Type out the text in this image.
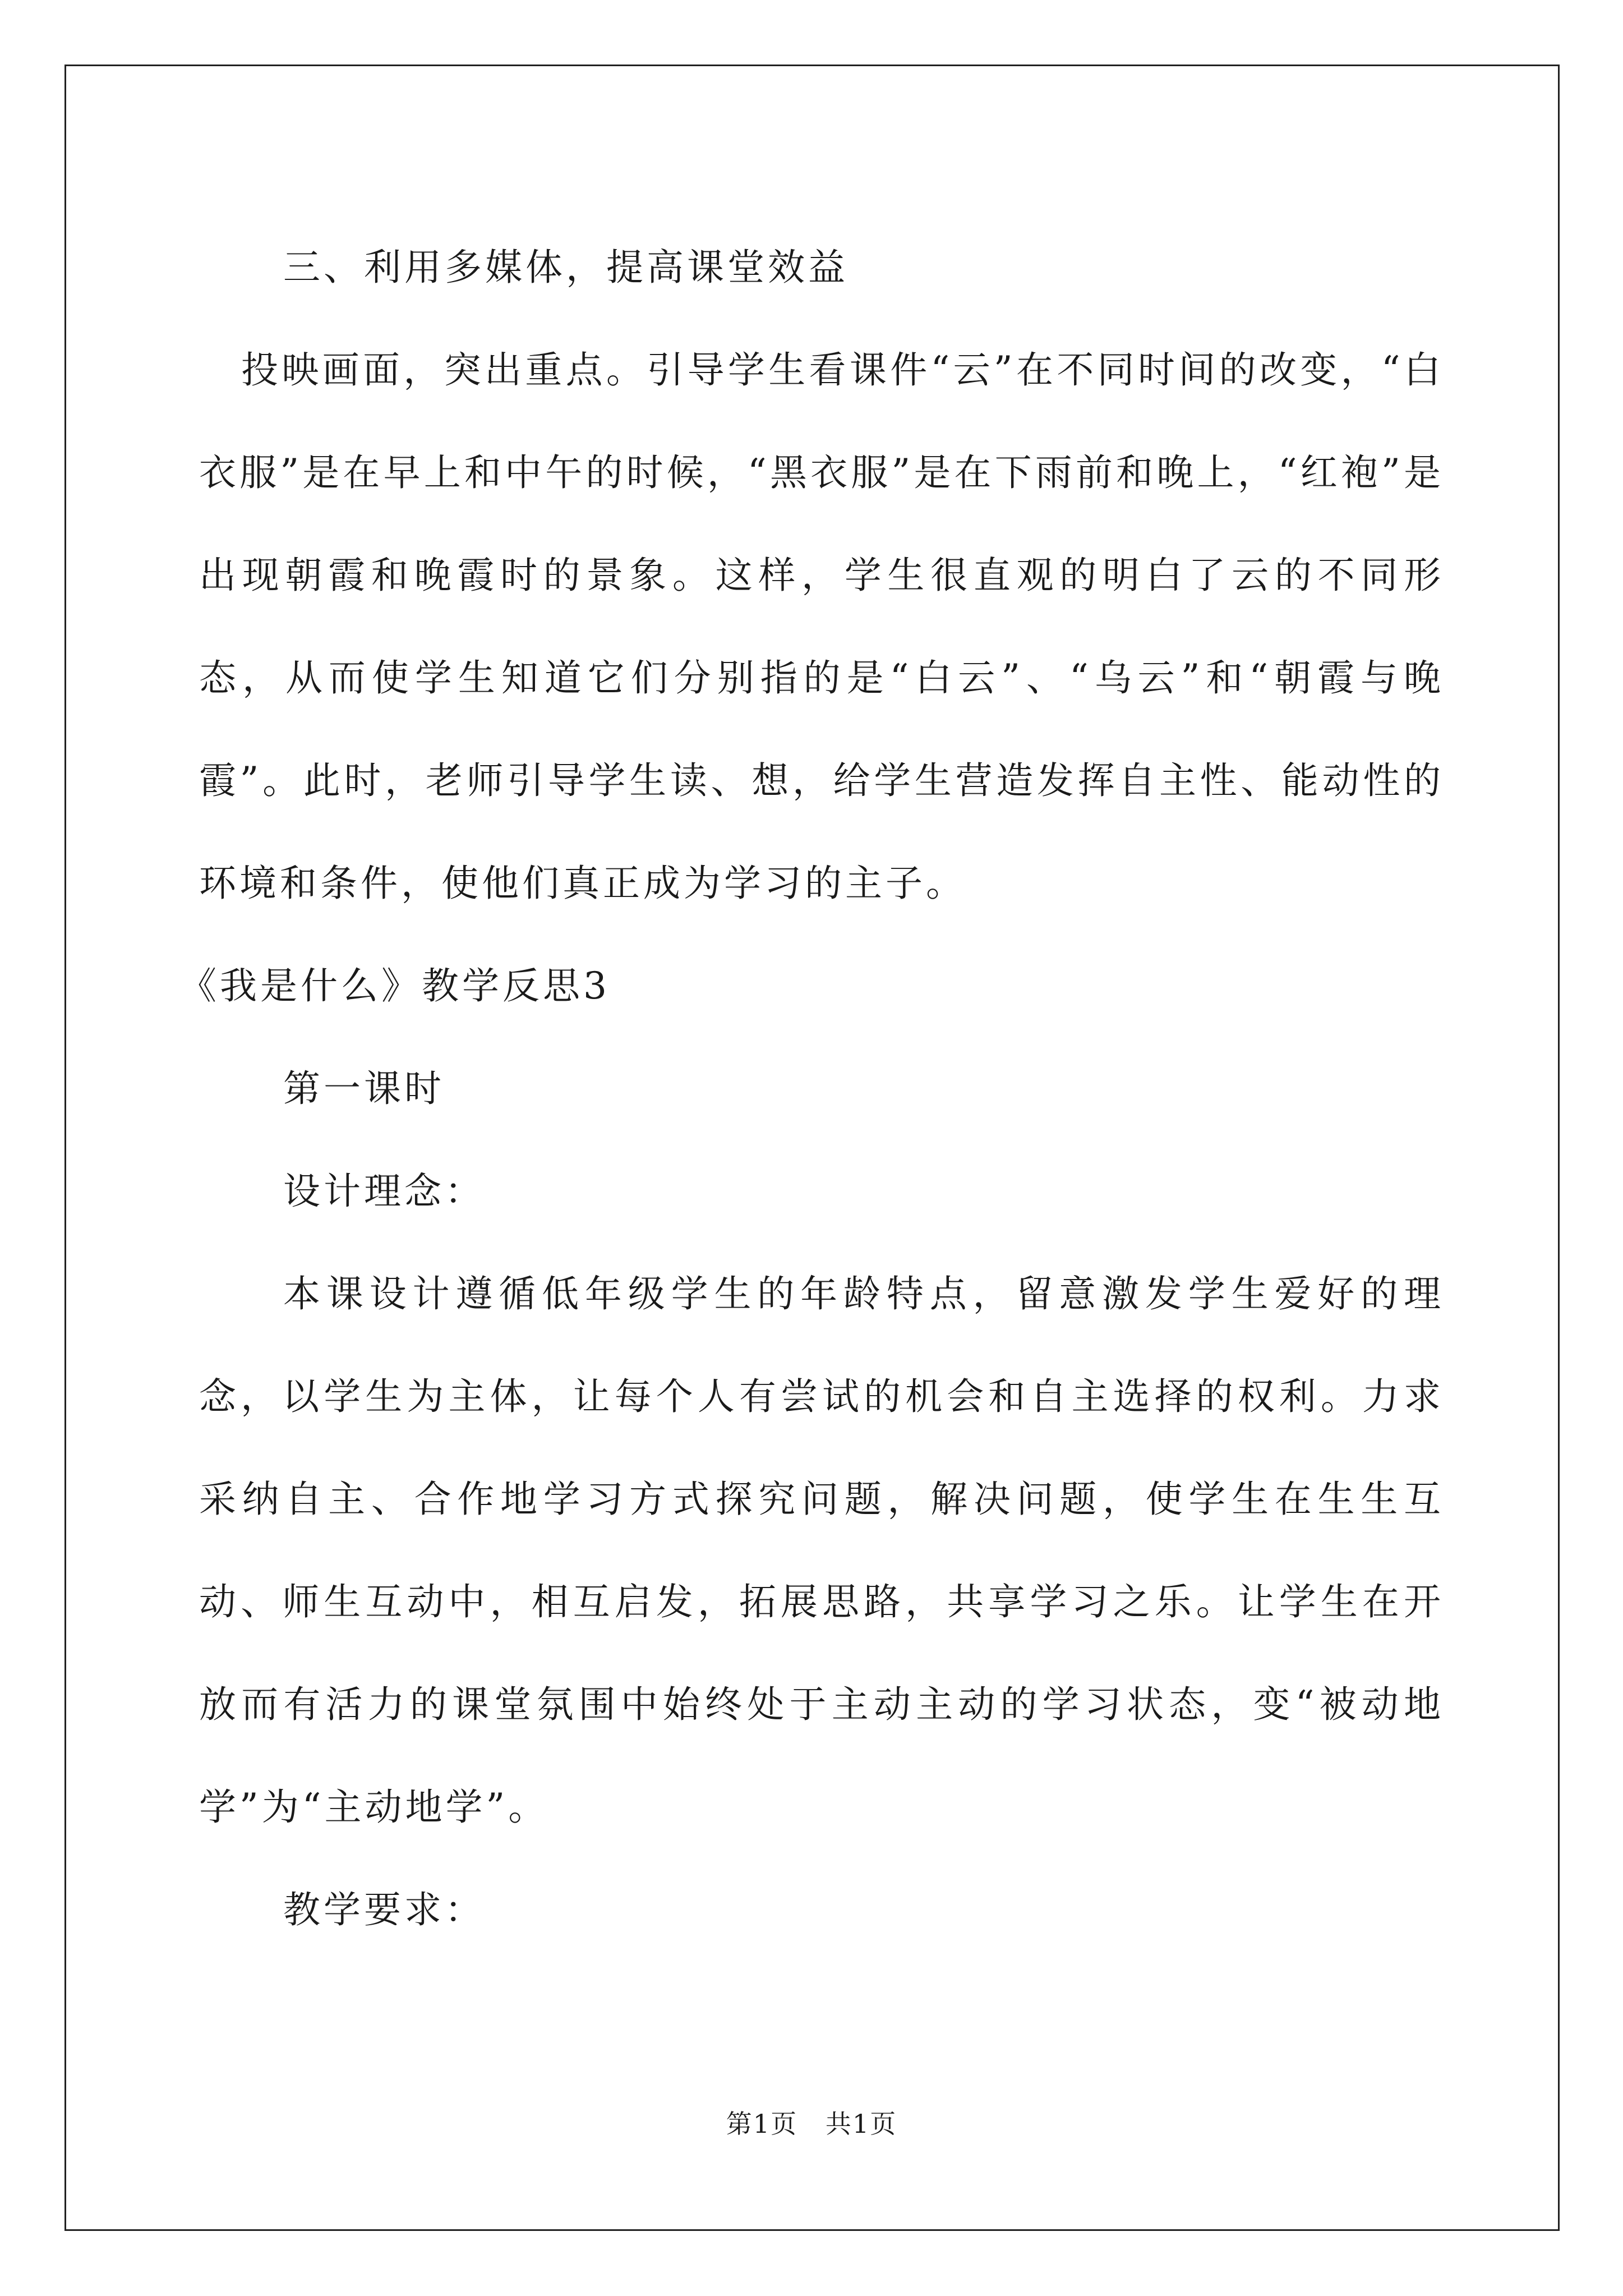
三、利用多媒体，提高课堂效益

投映画面，突出重点。引导学生看课件“云”在不同时间的改变，“白衣服”是在早上和中午的时候，“黑衣服”是在下雨前和晚上，“红袍”是出现朝霞和晚霞时的景象。这样，学生很直观的明白了云的不同形态，从而使学生知道它们分别指的是“白云”、“乌云”和“朝霞与晚霞”。此时，老师引导学生读、想，给学生营造发挥自主性、能动性的环境和条件，使他们真正成为学习的主子。

《我是什么》教学反思3

第一课时

设计理念：

本课设计遵循低年级学生的年龄特点，留意激发学生爱好的理念，以学生为主体，让每个人有尝试的机会和自主选择的权利。力求采纳自主、合作地学习方式探究问题，解决问题，使学生在生生互动、师生互动中，相互启发，拓展思路，共享学习之乐。让学生在开放而有活力的课堂氛围中始终处于主动主动的学习状态，变“被动地学”为“主动地学”。

教学要求：

第1页   共1页
